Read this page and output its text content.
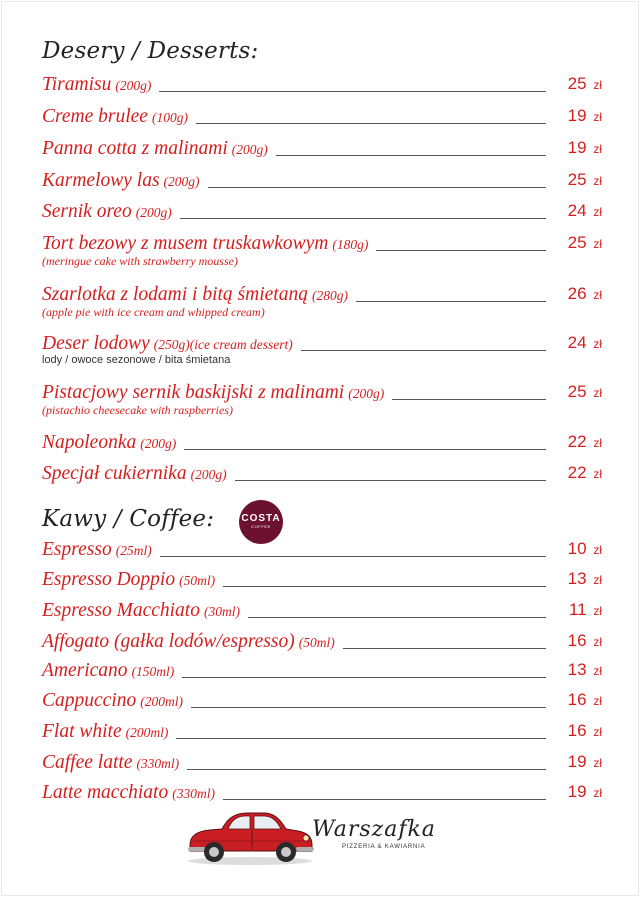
Desery / Desserts:
Tiramisu (200g)	25 zł
Creme brulee (100g)	19 zł
Panna cotta z malinami (200g)	19 zł
Karmelowy las (200g)	25 zł
Sernik oreo (200g)	24 zł
Tort bezowy z musem truskawkowym (180g)	25 zł
(meringue cake with strawberry mousse)
Szarlotka z lodami i bitą śmietaną (280g)	26 zł
(apple pie with ice cream and whipped cream)
Deser lodowy (250g)(ice cream dessert)	24 zł
lody / owoce sezonowe / bita śmietana
Pistacjowy sernik baskijski z malinami (200g)	25 zł
(pistachio cheesecake with raspberries)
Napoleonka (200g)	22 zł
Specjał cukiernika (200g)	22 zł
Kawy / Coffee:	COSTA
COFFEE
Espresso (25ml)	10 zł
Espresso Doppio (50ml)	13 zł
Espresso Macchiato (30ml)	11 zł
Affogato (gałka lodów/espresso) (50ml)	16 zł
Americano (150ml)	13 zł
Cappuccino (200ml)	16 zł
Flat white (200ml)	16 zł
Caffee latte (330ml)	19 zł
Latte macchiato (330ml)	19 zł
Warszafka
PIZZERIA & KAWIARNIA
